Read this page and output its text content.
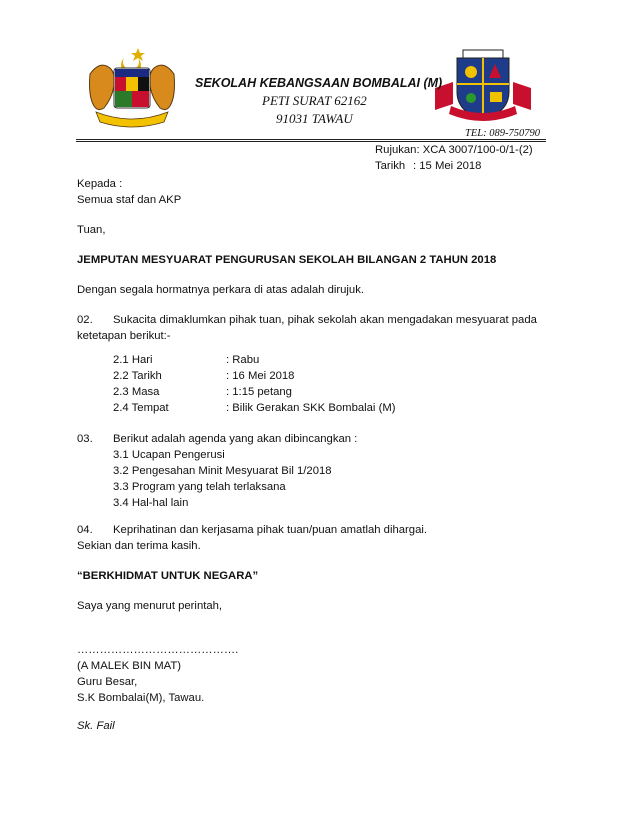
SEKOLAH KEBANGSAAN BOMBALAI (M)
PETI SURAT 62162
91031 TAWAU
TEL: 089-750790
Rujukan: XCA 3007/100-0/1-(2)
Tarikh : 15 Mei 2018
Kepada :
Semua staf dan AKP
Tuan,
JEMPUTAN MESYUARAT PENGURUSAN SEKOLAH BILANGAN 2 TAHUN 2018
Dengan segala hormatnya perkara di atas adalah dirujuk.
02. Sukacita dimaklumkan pihak tuan, pihak sekolah akan mengadakan mesyuarat pada
ketetapan berikut:-
2.1 Hari	: Rabu
2.2 Tarikh	: 16 Mei 2018
2.3 Masa	: 1:15 petang
2.4 Tempat	: Bilik Gerakan SKK Bombalai (M)
03. Berikut adalah agenda yang akan dibincangkan :
3.1 Ucapan Pengerusi
3.2 Pengesahan Minit Mesyuarat Bil 1/2018
3.3 Program yang telah terlaksana
3.4 Hal-hal lain
04. Keprihatinan dan kerjasama pihak tuan/puan amatlah dihargai.
Sekian dan terima kasih.
“BERKHIDMAT UNTUK NEGARA”
Saya yang menurut perintah,
…………………………………….
(A MALEK BIN MAT)
Guru Besar,
S.K Bombalai(M), Tawau.
Sk. Fail
